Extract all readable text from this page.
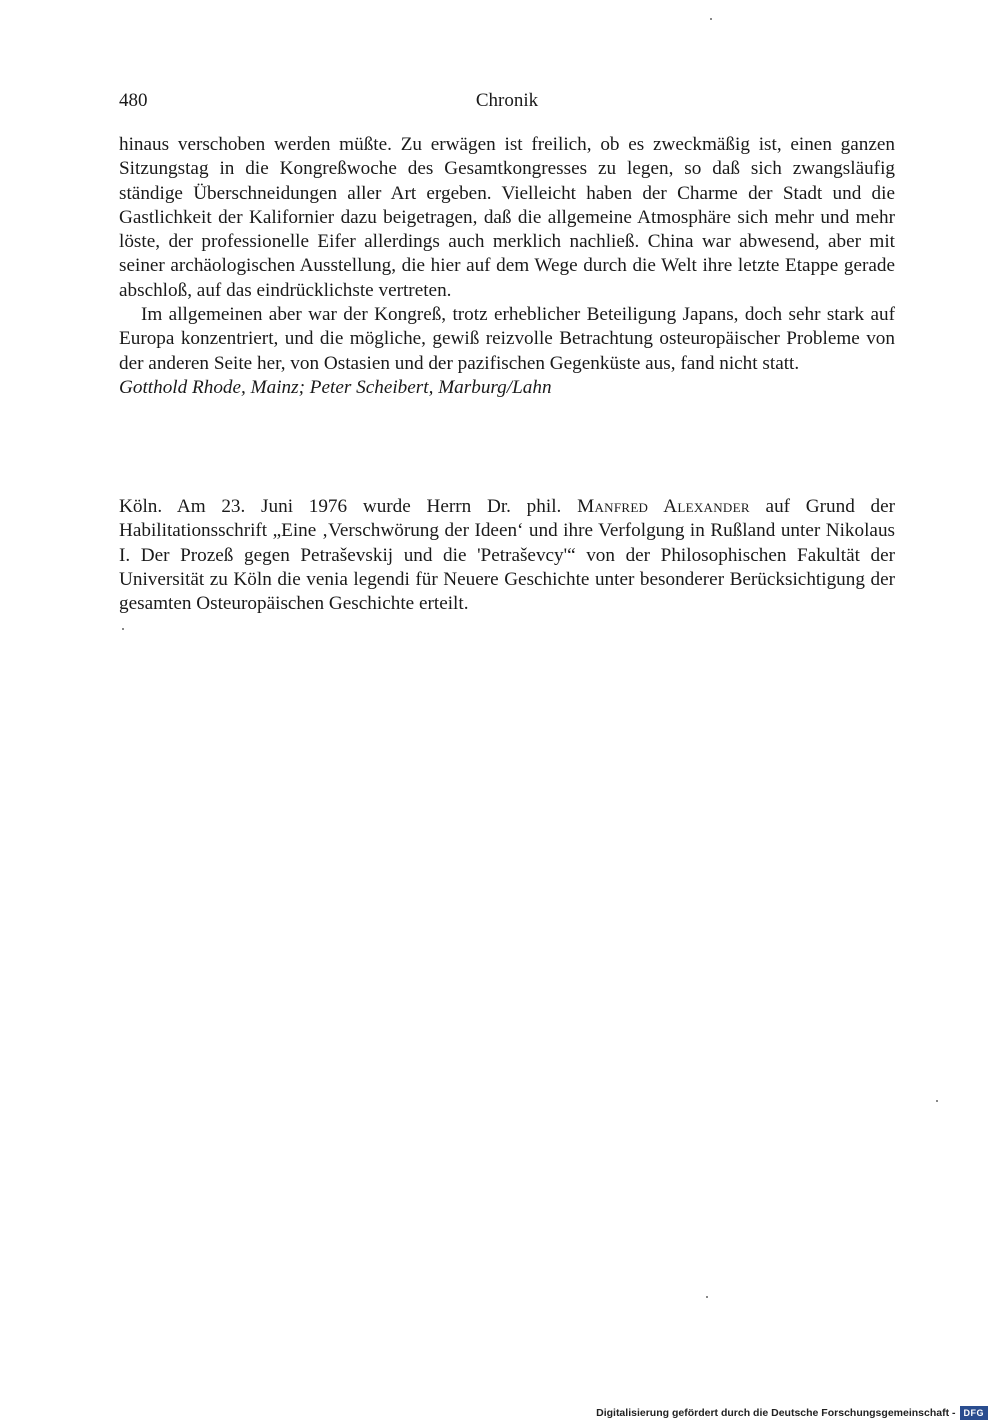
480	Chronik

hinaus verschoben werden müßte. Zu erwägen ist freilich, ob es zweckmäßig ist, einen ganzen Sitzungstag in die Kongreßwoche des Gesamtkongresses zu legen, so daß sich zwangsläufig ständige Überschneidungen aller Art ergeben. Vielleicht haben der Charme der Stadt und die Gastlichkeit der Kalifornier dazu beigetragen, daß die allgemeine Atmosphäre sich mehr und mehr löste, der professionelle Eifer allerdings auch merklich nachließ. China war abwesend, aber mit seiner archäologischen Ausstellung, die hier auf dem Wege durch die Welt ihre letzte Etappe gerade abschloß, auf das eindrücklichste vertreten.

Im allgemeinen aber war der Kongreß, trotz erheblicher Beteiligung Japans, doch sehr stark auf Europa konzentriert, und die mögliche, gewiß reizvolle Betrachtung osteuropäischer Probleme von der anderen Seite her, von Ostasien und der pazifischen Gegenküste aus, fand nicht statt.

Gotthold Rhode, Mainz; Peter Scheibert, Marburg/Lahn

Köln. Am 23. Juni 1976 wurde Herrn Dr. phil. Manfred Alexander auf Grund der Habilitationsschrift „Eine ‚Verschwörung der Ideen‘ und ihre Verfolgung in Rußland unter Nikolaus I. Der Prozeß gegen Petraševskij und die 'Petraševcy'“ von der Philosophischen Fakultät der Universität zu Köln die venia legendi für Neuere Geschichte unter besonderer Berücksichtigung der gesamten Osteuropäischen Geschichte erteilt.

Digitalisierung gefördert durch die Deutsche Forschungsgemeinschaft - DFG
